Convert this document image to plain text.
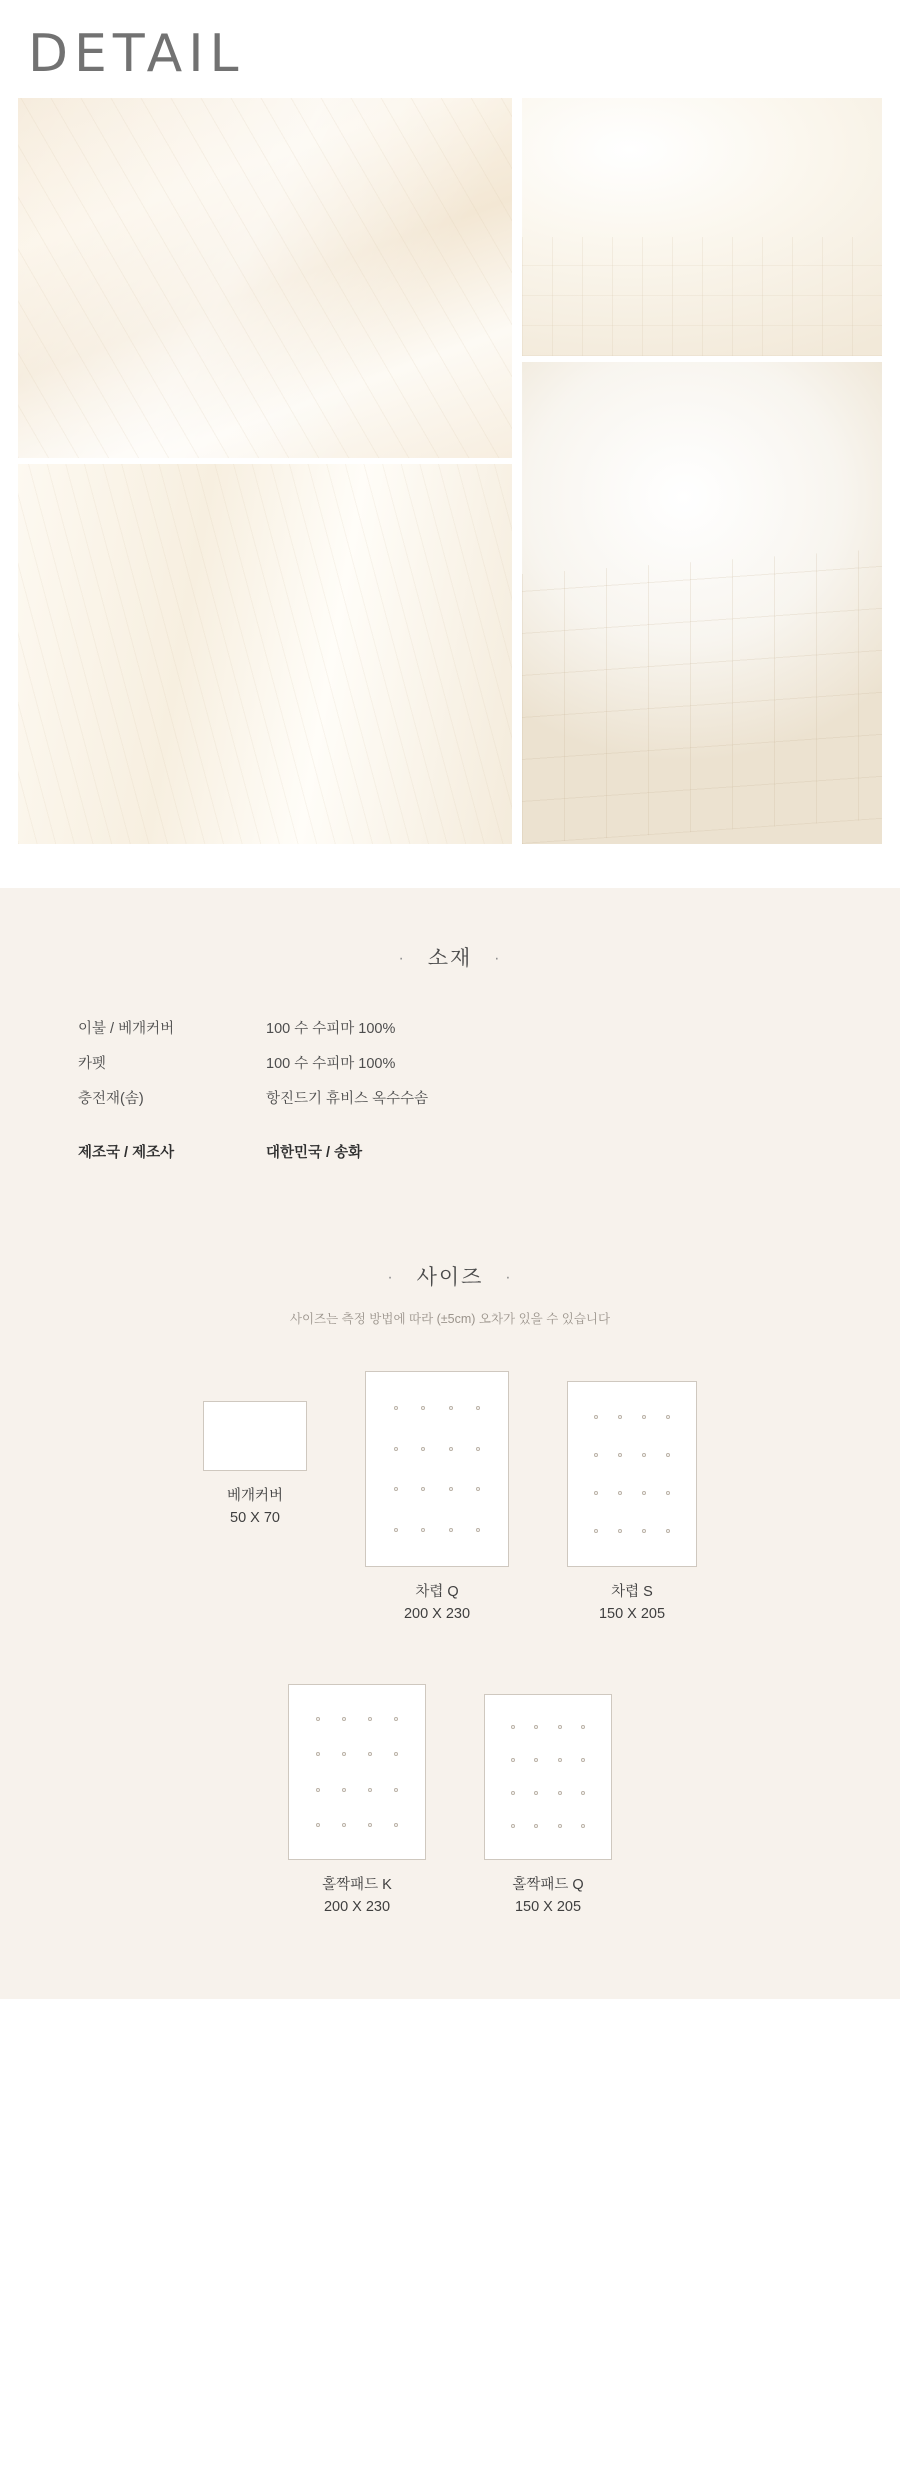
DETAIL
· 소재 ·
이불 / 베개커버	100 수 수피마 100%
카펫	100 수 수피마 100%
충전재(솜)	항진드기 휴비스 옥수수솜
제조국 / 제조사	대한민국 / 송화
· 사이즈 ·
사이즈는 측정 방법에 따라 (±5cm) 오차가 있을 수 있습니다
베개커버
50 X 70
차렵 Q
200 X 230
차렵 S
150 X 205
홀짝패드 K
200 X 230
홀짝패드 Q
150 X 205
